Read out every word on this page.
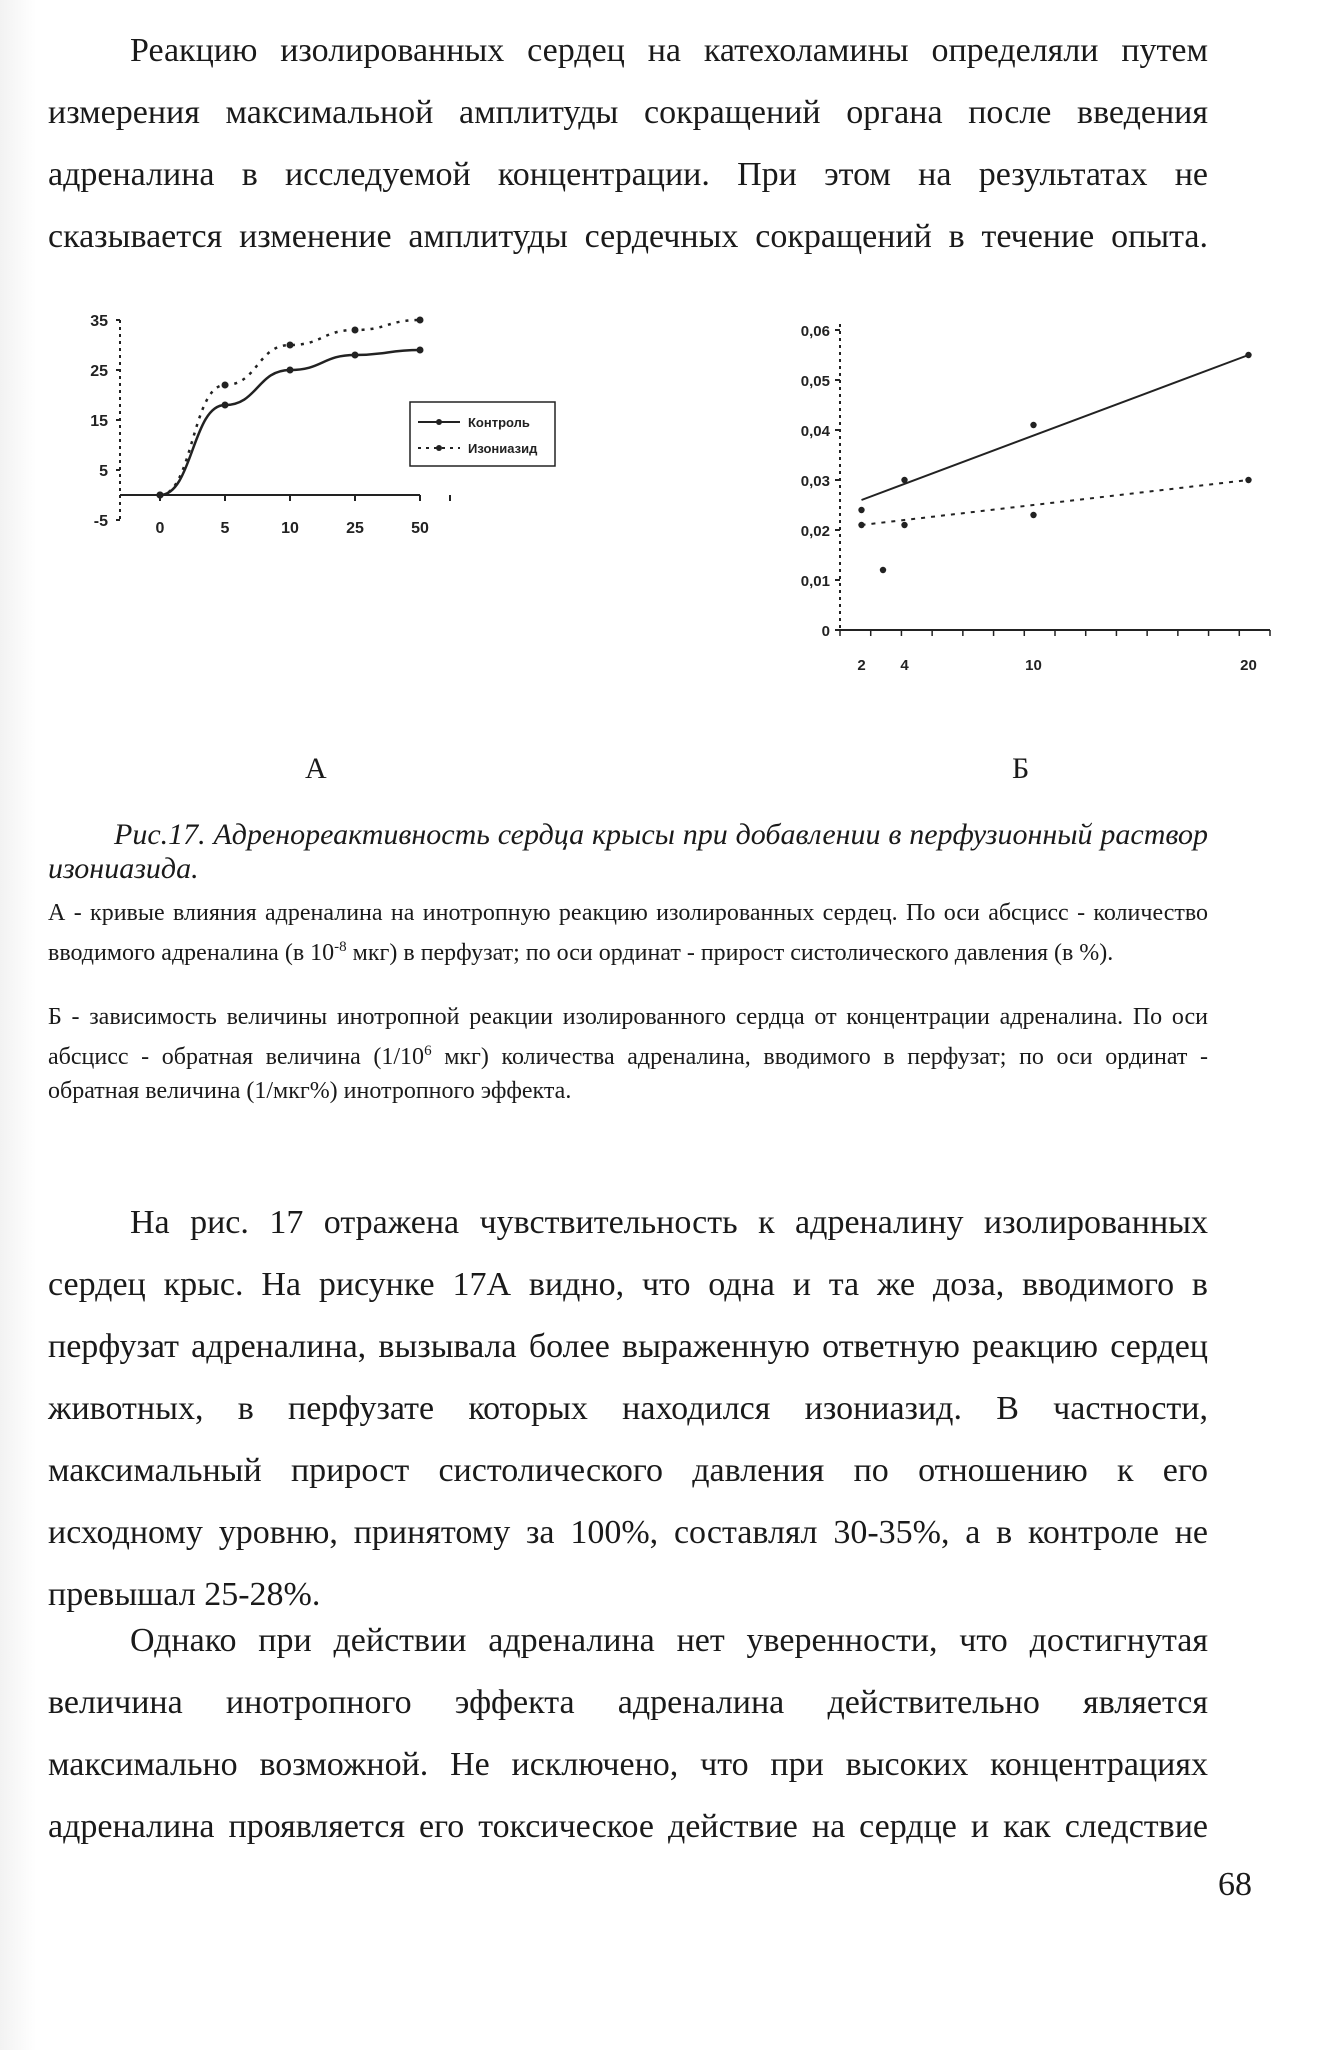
Реакцию изолированных сердец на катехоламины определяли путем измерения максимальной амплитуды сокращений органа после введения адреналина в исследуемой концентрации. При этом на результатах не сказывается изменение амплитуды сердечных сокращений в течение опыта.

35
25
15
5
-5	0	5	10	25	50
Контроль
Изониазид
0,06
0,05
0,04
0,03
0,02
0,01
0
2 4	10	20
А	Б

Рис.17. Адренореактивность сердца крысы при добавлении в перфузионный раствор изониазида.

А - кривые влияния адреналина на инотропную реакцию изолированных сердец. По оси абсцисс - количество вводимого адреналина (в $10^{-8}$ мкг) в перфузат; по оси ординат - прирост систолического давления (в %).

Б - зависимость величины инотропной реакции изолированного сердца от концентрации адреналина. По оси абсцисс - обратная величина ($1/10^6$ мкг) количества адреналина, вводимого в перфузат; по оси ординат - обратная величина (1/мкг%) инотропного эффекта.

На рис. 17 отражена чувствительность к адреналину изолированных сердец крыс. На рисунке 17А видно, что одна и та же доза, вводимого в перфузат адреналина, вызывала более выраженную ответную реакцию сердец животных, в перфузате которых находился изониазид. В частности, максимальный прирост систолического давления по отношению к его исходному уровню, принятому за 100%, составлял 30-35%, а в контроле не превышал 25-28%.

Однако при действии адреналина нет уверенности, что достигнутая величина инотропного эффекта адреналина действительно является максимально возможной. Не исключено, что при высоких концентрациях адреналина проявляется его токсическое действие на сердце и как следствие

68
